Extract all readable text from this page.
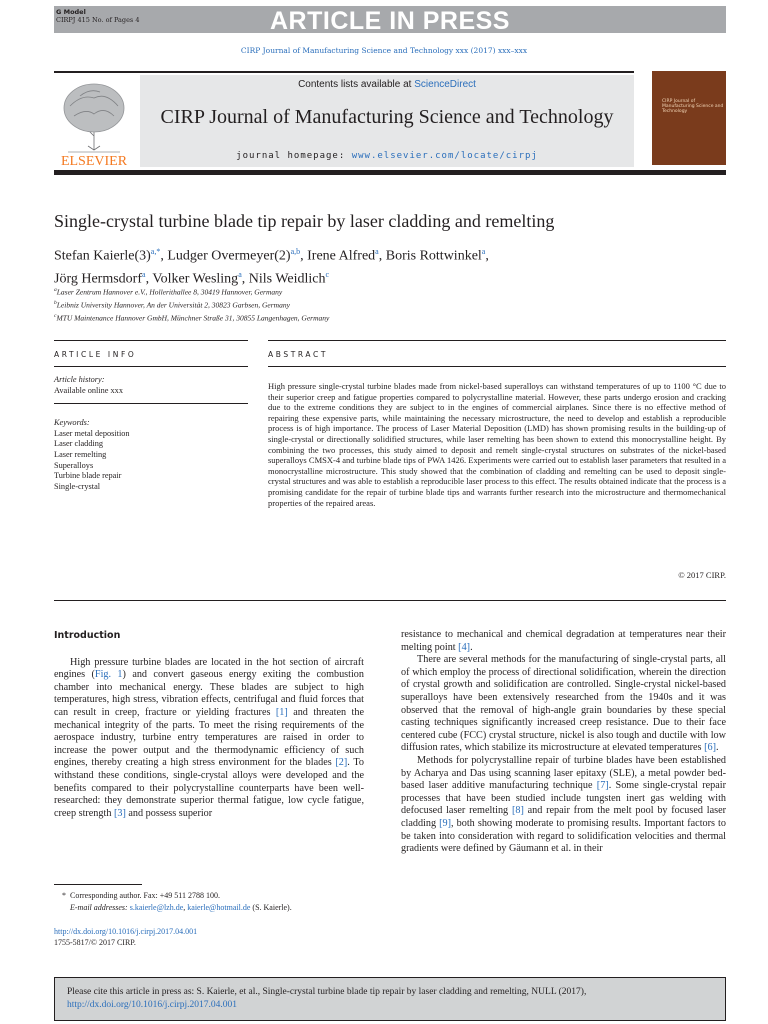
G Model
CIRPJ 415 No. of Pages 4	ARTICLE IN PRESS
CIRP Journal of Manufacturing Science and Technology xxx (2017) xxx–xxx
Contents lists available at ScienceDirect
CIRP Journal of Manufacturing Science and Technology
journal homepage: www.elsevier.com/locate/cirpj
ELSEVIER
CIRP Journal of Manufacturing Science and Technology
Single-crystal turbine blade tip repair by laser cladding and remelting
Stefan $Kaierle(3)^{a,*}$, Ludger $Overmeyer(2)^{a,b}$, Irene Alfred$^a$, Boris Rottwinkel$^a$,
Jörg Hermsdorf$^a$, Volker Wesling$^a$, Nils Weidlich$^c$
$^a$Laser Zentrum Hannover e.V., Hollerithallee 8, 30419 Hannover, Germany
$^b$Leibniz University Hannover, An der Universität 2, 30823 Garbsen, Germany
$^c$MTU Maintenance Hannover GmbH, Münchner Straße 31, 30855 Langenhagen, Germany
ARTICLE INFO	ABSTRACT
Article history:
Available online xxx
Keywords:
Laser metal deposition
Laser cladding
Laser remelting
Superalloys
Turbine blade repair
Single-crystal
High pressure single-crystal turbine blades made from nickel-based superalloys can withstand temperatures of up to 1100 °C due to their superior creep and fatigue properties compared to polycrystalline material. However, these parts undergo erosion and cracking due to the extreme conditions they are subject to in the engines of commercial airplanes. Since there is no effective method of repairing these expensive parts, while maintaining the necessary microstructure, the need to develop and establish a reproducible process is of high importance. The process of Laser Material Deposition (LMD) has shown promising results in the building-up of single-crystal or directionally solidified structures, while laser remelting has been shown to extend this monocrystalline height. By combining the two processes, this study aimed to deposit and remelt single-crystal structures on substrates of the nickel-based superalloys CMSX-4 and turbine blade tips of PWA 1426. Experiments were carried out to establish laser parameters that resulted in a monocrystalline microstructure. This study showed that the combination of cladding and remelting can be used to deposit single-crystal structures and was able to establish a reproducible laser process to this effect. The results obtained indicate that the process is a promising candidate for the repair of turbine blade tips and warrants further research into the microstructure and thermomechanical properties of the repaired areas.
© 2017 CIRP.
Introduction

High pressure turbine blades are located in the hot section of aircraft engines (Fig. 1) and convert gaseous energy exiting the combustion chamber into mechanical energy. These blades are subject to high temperatures, high stress, vibration effects, centrifugal and fluid forces that can result in creep, fracture or yielding fractures [1] and threaten the mechanical integrity of the parts. To meet the rising requirements of the aerospace industry, turbine entry temperatures are raised in order to increase the power output and the thermodynamic efficiency of such engines, thereby creating a high stress environment for the blades [2]. To withstand these conditions, single-crystal alloys were developed and the benefits compared to their polycrystalline counterparts have been well-researched: they demonstrate superior thermal fatigue, low cycle fatigue, creep strength [3] and possess superior

resistance to mechanical and chemical degradation at temperatures near their melting point [4].

There are several methods for the manufacturing of single-crystal parts, all of which employ the process of directional solidification, wherein the direction of crystal growth and solidification are controlled. Single-crystal nickel-based superalloys have been extensively researched from the 1940s and it was observed that the removal of high-angle grain boundaries by these special casting techniques significantly increased creep resistance. Due to their face centered cube (FCC) crystal structure, nickel is also tough and ductile with low diffusion rates, which stabilize its microstructure at elevated temperatures [6].

Methods for polycrystalline repair of turbine blades have been established by Acharya and Das using scanning laser epitaxy (SLE), a metal powder bed-based laser additive manufacturing technique [7]. Some single-crystal repair processes that have been studied include tungsten inert gas welding with defocused laser remelting [8] and repair from the melt pool by focused laser cladding [9], both showing moderate to promising results. Important factors to be taken into consideration with regard to solidification velocities and thermal gradients were defined by Gäumann et al. in their

* Corresponding author. Fax: +49 511 2788 100.
E-mail addresses: s.kaierle@lzh.de, kaierle@hotmail.de (S. Kaierle).
http://dx.doi.org/10.1016/j.cirpj.2017.04.001
1755-5817/© 2017 CIRP.
Please cite this article in press as: S. Kaierle, et al., Single-crystal turbine blade tip repair by laser cladding and remelting, NULL (2017), http://dx.doi.org/10.1016/j.cirpj.2017.04.001
